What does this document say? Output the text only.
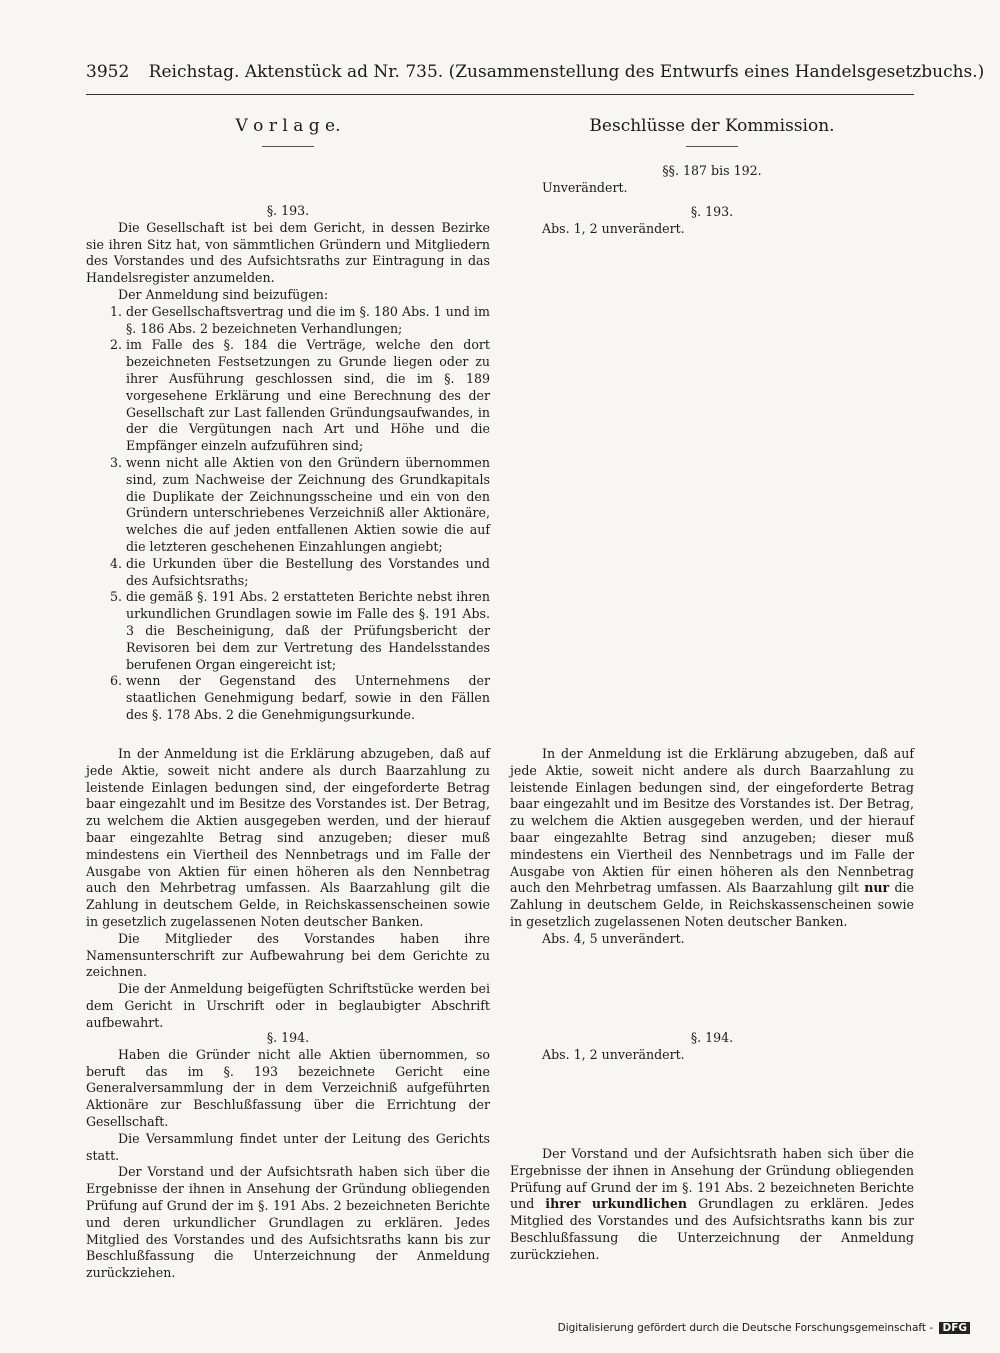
3952 Reichstag. Aktenstück ad Nr. 735. (Zusammenstellung des Entwurfs eines Handelsgesetzbuchs.)
V o r l a g e.	Beschlüsse der Kommission.

§. 193.

Die Gesellschaft ist bei dem Gericht, in dessen Bezirke sie ihren Sitz hat, von sämmtlichen Gründern und Mitgliedern des Vorstandes und des Aufsichtsraths zur Eintragung in das Handelsregister anzumelden.

Der Anmeldung sind beizufügen:

1. der Gesellschaftsvertrag und die im §. 180 Abs. 1 und im §. 186 Abs. 2 bezeichneten Verhandlungen;
2. im Falle des §. 184 die Verträge, welche den dort bezeichneten Festsetzungen zu Grunde liegen oder zu ihrer Ausführung geschlossen sind, die im §. 189 vorgesehene Erklärung und eine Berechnung des der Gesellschaft zur Last fallenden Gründungsaufwandes, in der die Vergütungen nach Art und Höhe und die Empfänger einzeln aufzuführen sind;
3. wenn nicht alle Aktien von den Gründern übernommen sind, zum Nachweise der Zeichnung des Grundkapitals die Duplikate der Zeichnungsscheine und ein von den Gründern unterschriebenes Verzeichniß aller Aktionäre, welches die auf jeden entfallenen Aktien sowie die auf die letzteren geschehenen Einzahlungen angiebt;
4. die Urkunden über die Bestellung des Vorstandes und des Aufsichtsraths;
5. die gemäß §. 191 Abs. 2 erstatteten Berichte nebst ihren urkundlichen Grundlagen sowie im Falle des §. 191 Abs. 3 die Bescheinigung, daß der Prüfungsbericht der Revisoren bei dem zur Vertretung des Handelsstandes berufenen Organ eingereicht ist;
6. wenn der Gegenstand des Unternehmens der staatlichen Genehmigung bedarf, sowie in den Fällen des §. 178 Abs. 2 die Genehmigungsurkunde.

In der Anmeldung ist die Erklärung abzugeben, daß auf jede Aktie, soweit nicht andere als durch Baarzahlung zu leistende Einlagen bedungen sind, der eingeforderte Betrag baar eingezahlt und im Besitze des Vorstandes ist. Der Betrag, zu welchem die Aktien ausgegeben werden, und der hierauf baar eingezahlte Betrag sind anzugeben; dieser muß mindestens ein Viertheil des Nennbetrags und im Falle der Ausgabe von Aktien für einen höheren als den Nennbetrag auch den Mehrbetrag umfassen. Als Baarzahlung gilt die Zahlung in deutschem Gelde, in Reichskassenscheinen sowie in gesetzlich zugelassenen Noten deutscher Banken.

Die Mitglieder des Vorstandes haben ihre Namensunterschrift zur Aufbewahrung bei dem Gerichte zu zeichnen.

Die der Anmeldung beigefügten Schriftstücke werden bei dem Gericht in Urschrift oder in beglaubigter Abschrift aufbewahrt.

§. 194.

Haben die Gründer nicht alle Aktien übernommen, so beruft das im §. 193 bezeichnete Gericht eine Generalversammlung der in dem Verzeichniß aufgeführten Aktionäre zur Beschlußfassung über die Errichtung der Gesellschaft.

Die Versammlung findet unter der Leitung des Gerichts statt.

Der Vorstand und der Aufsichtsrath haben sich über die Ergebnisse der ihnen in Ansehung der Gründung obliegenden Prüfung auf Grund der im §. 191 Abs. 2 bezeichneten Berichte und deren urkundlicher Grundlagen zu erklären. Jedes Mitglied des Vorstandes und des Aufsichtsraths kann bis zur Beschlußfassung die Unterzeichnung der Anmeldung zurückziehen.

§§. 187 bis 192.

Unverändert.

§. 193.

Abs. 1, 2 unverändert.

In der Anmeldung ist die Erklärung abzugeben, daß auf jede Aktie, soweit nicht andere als durch Baarzahlung zu leistende Einlagen bedungen sind, der eingeforderte Betrag baar eingezahlt und im Besitze des Vorstandes ist. Der Betrag, zu welchem die Aktien ausgegeben werden, und der hierauf baar eingezahlte Betrag sind anzugeben; dieser muß mindestens ein Viertheil des Nennbetrags und im Falle der Ausgabe von Aktien für einen höheren als den Nennbetrag auch den Mehrbetrag umfassen. Als Baarzahlung gilt nur die Zahlung in deutschem Gelde, in Reichskassenscheinen sowie in gesetzlich zugelassenen Noten deutscher Banken.

Abs. 4, 5 unverändert.

§. 194.

Abs. 1, 2 unverändert.

Der Vorstand und der Aufsichtsrath haben sich über die Ergebnisse der ihnen in Ansehung der Gründung obliegenden Prüfung auf Grund der im §. 191 Abs. 2 bezeichneten Berichte und ihrer urkundlichen Grundlagen zu erklären. Jedes Mitglied des Vorstandes und des Aufsichtsraths kann bis zur Beschlußfassung die Unterzeichnung der Anmeldung zurückziehen.

Digitalisierung gefördert durch die Deutsche Forschungsgemeinschaft - DFG
